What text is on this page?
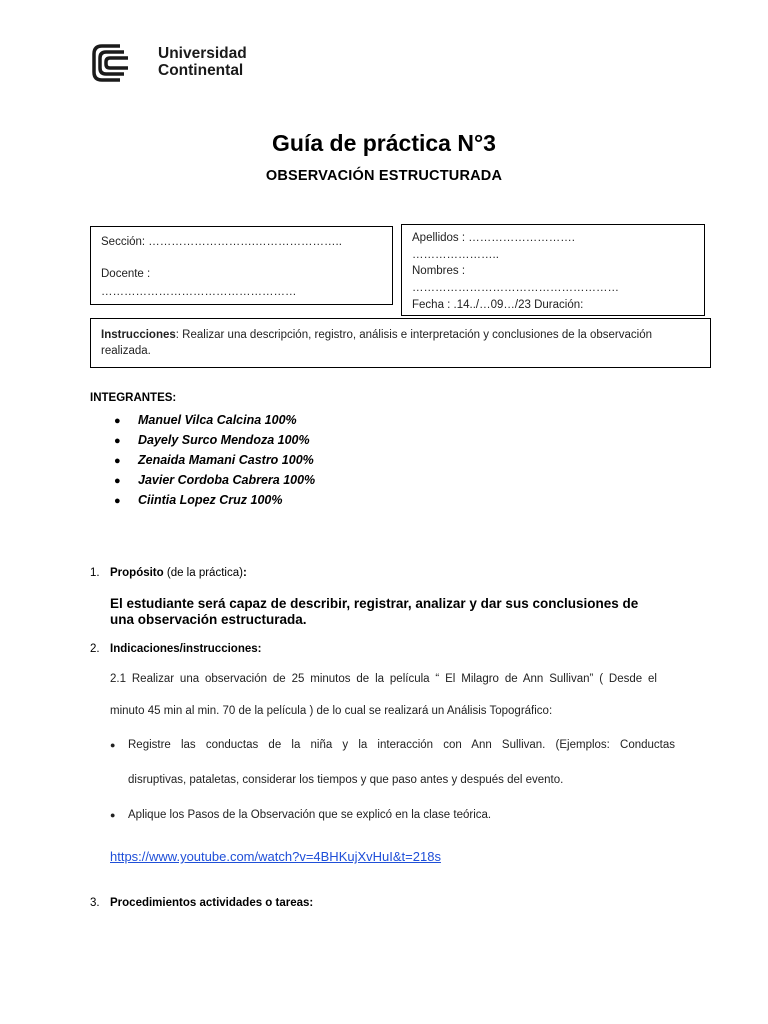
Universidad
Continental
Guía de práctica N°3
OBSERVACIÓN ESTRUCTURADA
Sección: ……………………….…………………..
Docente :
……………………………………………
Apellidos : ……………………….
…………………..
Nombres :
………………………………………………
Fecha : .14../…09…/23 Duración:
Instrucciones: Realizar una descripción, registro, análisis e interpretación y conclusiones de la observación realizada.
INTEGRANTES:
● Manuel Vilca Calcina 100%
● Dayely Surco Mendoza 100%
● Zenaida Mamani Castro 100%
● Javier Cordoba Cabrera 100%
● Ciintia Lopez Cruz 100%
1. Propósito (de la práctica):
El estudiante será capaz de describir, registrar, analizar y dar sus conclusiones de
una observación estructurada.
2. Indicaciones/instrucciones:
2.1 Realizar una observación de 25 minutos de la película “ El Milagro de Ann Sullivan” ( Desde el
minuto 45 min al min. 70 de la película ) de lo cual se realizará un Análisis Topográfico:
● Registre las conductas de la niña y la interacción con Ann Sullivan. (Ejemplos: Conductas
disruptivas, pataletas, considerar los tiempos y que paso antes y después del evento.
● Aplique los Pasos de la Observación que se explicó en la clase teórica.
https://www.youtube.com/watch?v=4BHKujXvHuI&t=218s
3. Procedimientos actividades o tareas:
